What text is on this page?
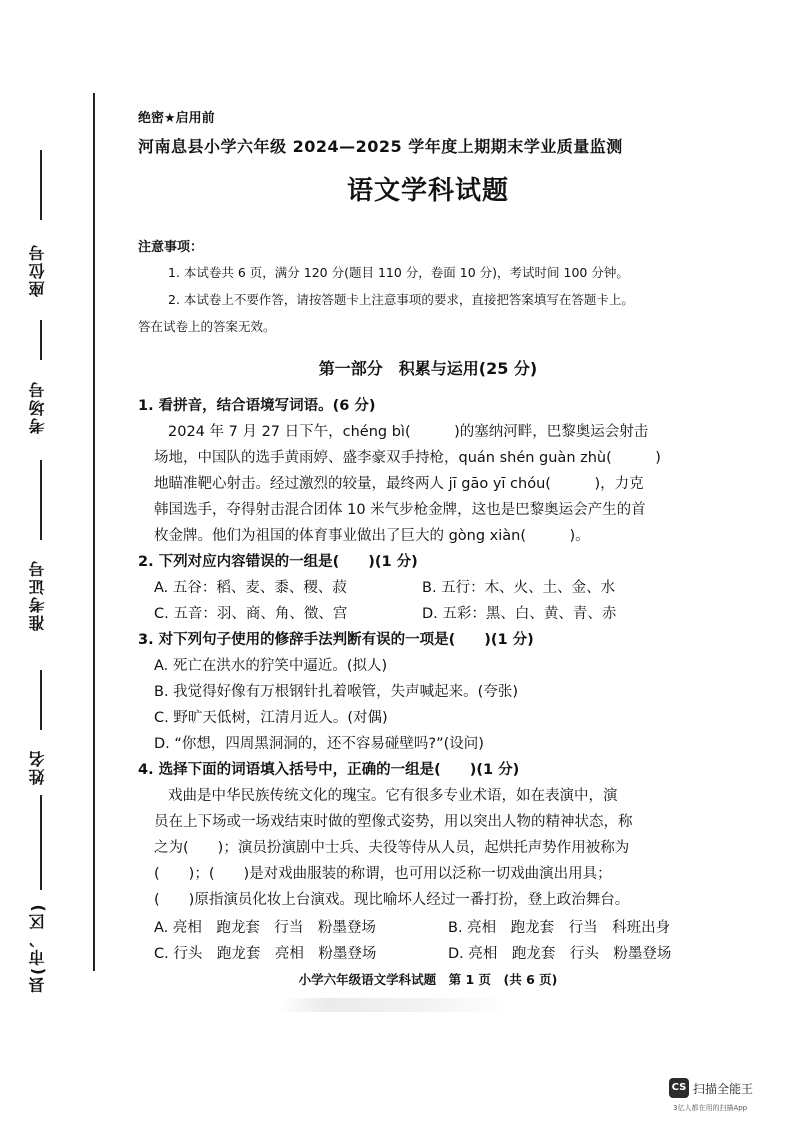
座位号
考场号
准考证号
姓名
县(市、区)
绝密★启用前
河南息县小学六年级 2024—2025 学年度上期期末学业质量监测
语文学科试题
注意事项：
1. 本试卷共 6 页，满分 120 分(题目 110 分，卷面 10 分)，考试时间 100 分钟。
2. 本试卷上不要作答，请按答题卡上注意事项的要求，直接把答案填写在答题卡上。
答在试卷上的答案无效。
第一部分　积累与运用(25 分)
1. 看拼音，结合语境写词语。(6 分)
2024 年 7 月 27 日下午，chéng bì(　　　)的塞纳河畔，巴黎奥运会射击
场地，中国队的选手黄雨婷、盛李豪双手持枪，quán shén guàn zhù(　　　)
地瞄准靶心射击。经过激烈的较量，最终两人 jī gāo yī chóu(　　　)，力克
韩国选手，夺得射击混合团体 10 米气步枪金牌，这也是巴黎奥运会产生的首
枚金牌。他们为祖国的体育事业做出了巨大的 gòng xiàn(　　　)。
2. 下列对应内容错误的一组是(　　)(1 分)
A. 五谷：稻、麦、黍、稷、菽	B. 五行：木、火、土、金、水
C. 五音：羽、商、角、徵、宫	D. 五彩：黑、白、黄、青、赤
3. 对下列句子使用的修辞手法判断有误的一项是(　　)(1 分)
A. 死亡在洪水的狞笑中逼近。(拟人)
B. 我觉得好像有万根钢针扎着喉管，失声喊起来。(夸张)
C. 野旷天低树，江清月近人。(对偶)
D. “你想，四周黑洞洞的，还不容易碰壁吗?”(设问)
4. 选择下面的词语填入括号中，正确的一组是(　　)(1 分)
戏曲是中华民族传统文化的瑰宝。它有很多专业术语，如在表演中，演
员在上下场或一场戏结束时做的塑像式姿势，用以突出人物的精神状态，称
之为(　　)；演员扮演剧中士兵、夫役等侍从人员，起烘托声势作用被称为
(　　)；(　　)是对戏曲服装的称谓，也可用以泛称一切戏曲演出用具；
(　　)原指演员化妆上台演戏。现比喻坏人经过一番打扮，登上政治舞台。
A. 亮相　跑龙套　行当　粉墨登场	B. 亮相　跑龙套　行当　科班出身
C. 行头　跑龙套　亮相　粉墨登场	D. 亮相　跑龙套　行头　粉墨登场
小学六年级语文学科试题　第 1 页　(共 6 页)
CS 扫描全能王
3亿人都在用的扫描App
